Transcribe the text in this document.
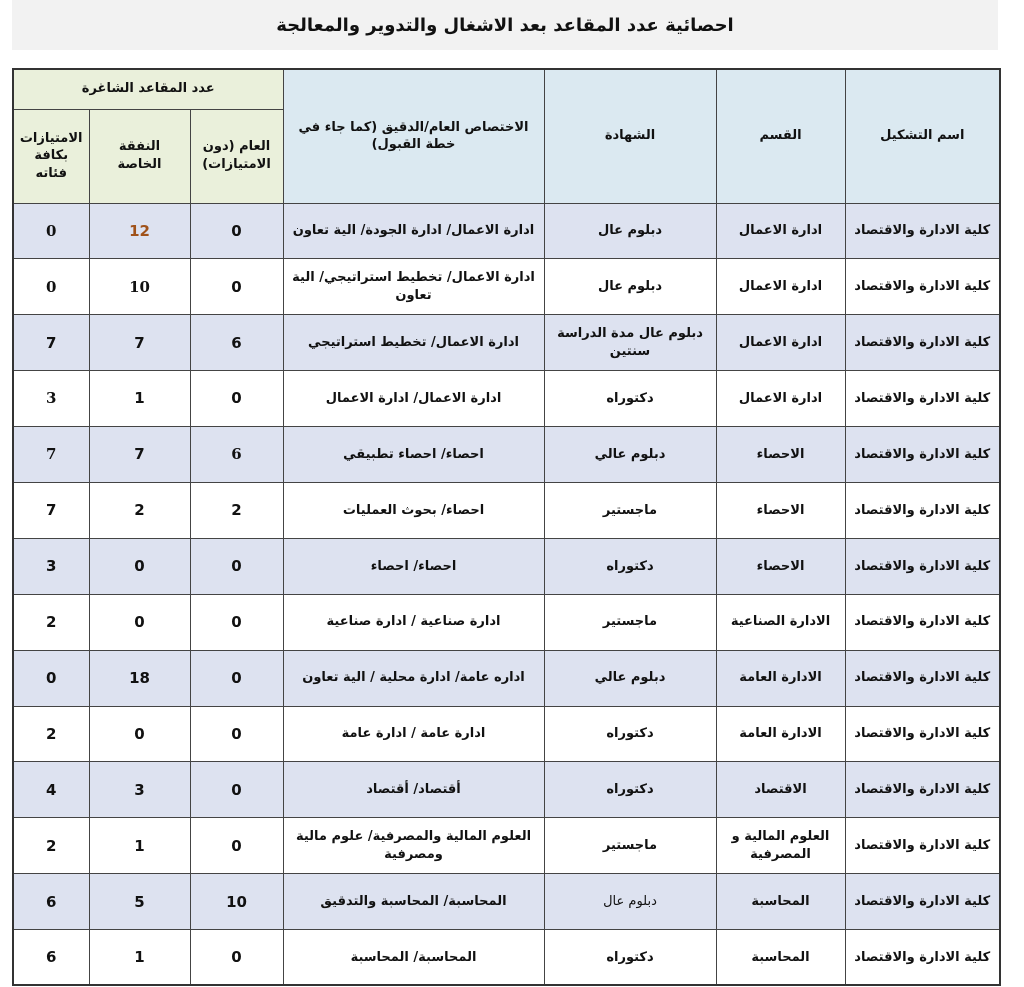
احصائية عدد المقاعد بعد الاشغال والتدوير والمعالجة
اسم التشكيل	القسم	الشهادة	الاختصاص العام/الدقيق (كما جاء في خطة القبول)	عدد المقاعد الشاغرة		
				العام (دون الامتيازات)	النفقة الخاصة	الامتيازات بكافة فئاته
كلية الادارة والاقتصاد	ادارة الاعمال	دبلوم عال	ادارة الاعمال/ ادارة الجودة/ الية تعاون	0	12	0
كلية الادارة والاقتصاد	ادارة الاعمال	دبلوم عال	ادارة الاعمال/ تخطيط استراتيجي/ الية تعاون	0	10	0
كلية الادارة والاقتصاد	ادارة الاعمال	دبلوم عال مدة الدراسة سنتين	ادارة الاعمال/ تخطيط استراتيجي	6	7	7
كلية الادارة والاقتصاد	ادارة الاعمال	دكتوراه	ادارة الاعمال/ ادارة الاعمال	0	1	3
كلية الادارة والاقتصاد	الاحصاء	دبلوم عالي	احصاء/ احصاء تطبيقي	6	7	7
كلية الادارة والاقتصاد	الاحصاء	ماجستير	احصاء/ بحوث العمليات	2	2	7
كلية الادارة والاقتصاد	الاحصاء	دكتوراه	احصاء/ احصاء	0	0	3
كلية الادارة والاقتصاد	الادارة الصناعية	ماجستير	ادارة صناعية / ادارة صناعية	0	0	2
كلية الادارة والاقتصاد	الادارة العامة	دبلوم عالي	اداره عامة/ ادارة محلية / الية تعاون	0	18	0
كلية الادارة والاقتصاد	الادارة العامة	دكتوراه	ادارة عامة / ادارة عامة	0	0	2
كلية الادارة والاقتصاد	الاقتصاد	دكتوراه	أقتصاد/ أقتصاد	0	3	4
كلية الادارة والاقتصاد	العلوم المالية و المصرفية	ماجستير	العلوم المالية والمصرفية/ علوم مالية ومصرفية	0	1	2
كلية الادارة والاقتصاد	المحاسبة	دبلوم عال	المحاسبة/ المحاسبة والتدقيق	10	5	6
كلية الادارة والاقتصاد	المحاسبة	دكتوراه	المحاسبة/ المحاسبة	0	1	6
